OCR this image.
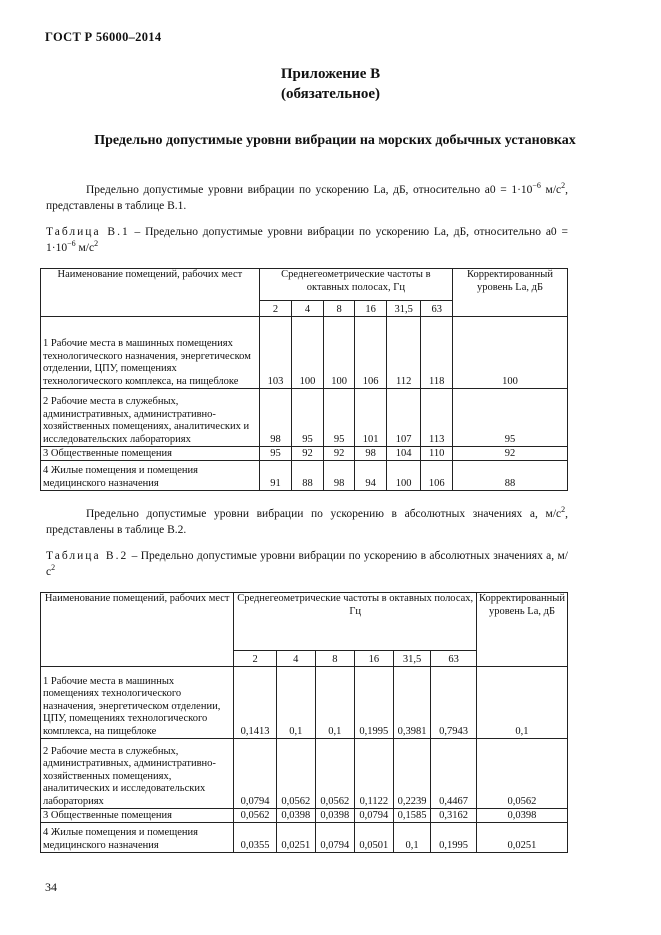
ГОСТ Р 56000–2014
Приложение В
(обязательное)
Предельно допустимые уровни вибрации на морских добычных установках
Предельно допустимые уровни вибрации по ускорению La, дБ, относительно $a0 = 1\cdot 10^{-6}$ $м/с^2$, представлены в таблице В.1.
Таблица В.1 – Предельно допустимые уровни вибрации по ускорению La, дБ, относительно $a0 = 1\cdot 10^{-6}$ $м/с^2$
Наименование помещений, рабочих мест	Среднегеометрические частоты в октавных полосах, Гц						Корректированный уровень La, дБ
	2	4	8	16	31,5	63	
1 Рабочие места в машинных помещениях технологического назначения, энергетическом отделении, ЦПУ, помещениях технологического комплекса, на пищеблоке	103	100	100	106	112	118	100
2 Рабочие места в служебных, административных, административно-хозяйственных помещениях, аналитических и исследовательских лабораториях	98	95	95	101	107	113	95
3 Общественные помещения	95	92	92	98	104	110	92
4 Жилые помещения и помещения медицинского назначения	91	88	98	94	100	106	88
Предельно допустимые уровни вибрации по ускорению в абсолютных значениях a, $м/с^2$, представлены в таблице В.2.
Таблица В.2 – Предельно допустимые уровни вибрации по ускорению в абсолютных значениях a, $м/с^2$
Наименование помещений, рабочих мест	Среднегеометрические частоты в октавных полосах, Гц						Корректированный уровень La, дБ
	2	4	8	16	31,5	63	
1 Рабочие места в машинных помещениях технологического назначения, энергетическом отделении, ЦПУ, помещениях технологического комплекса, на пищеблоке	0,1413	0,1	0,1	0,1995	0,3981	0,7943	0,1
2 Рабочие места в служебных, административных, административно-хозяйственных помещениях, аналитических и исследовательских лабораториях	0,0794	0,0562	0,0562	0,1122	0,2239	0,4467	0,0562
3 Общественные помещения	0,0562	0,0398	0,0398	0,0794	0,1585	0,3162	0,0398
4 Жилые помещения и помещения медицинского назначения	0,0355	0,0251	0,0794	0,0501	0,1	0,1995	0,0251
34
